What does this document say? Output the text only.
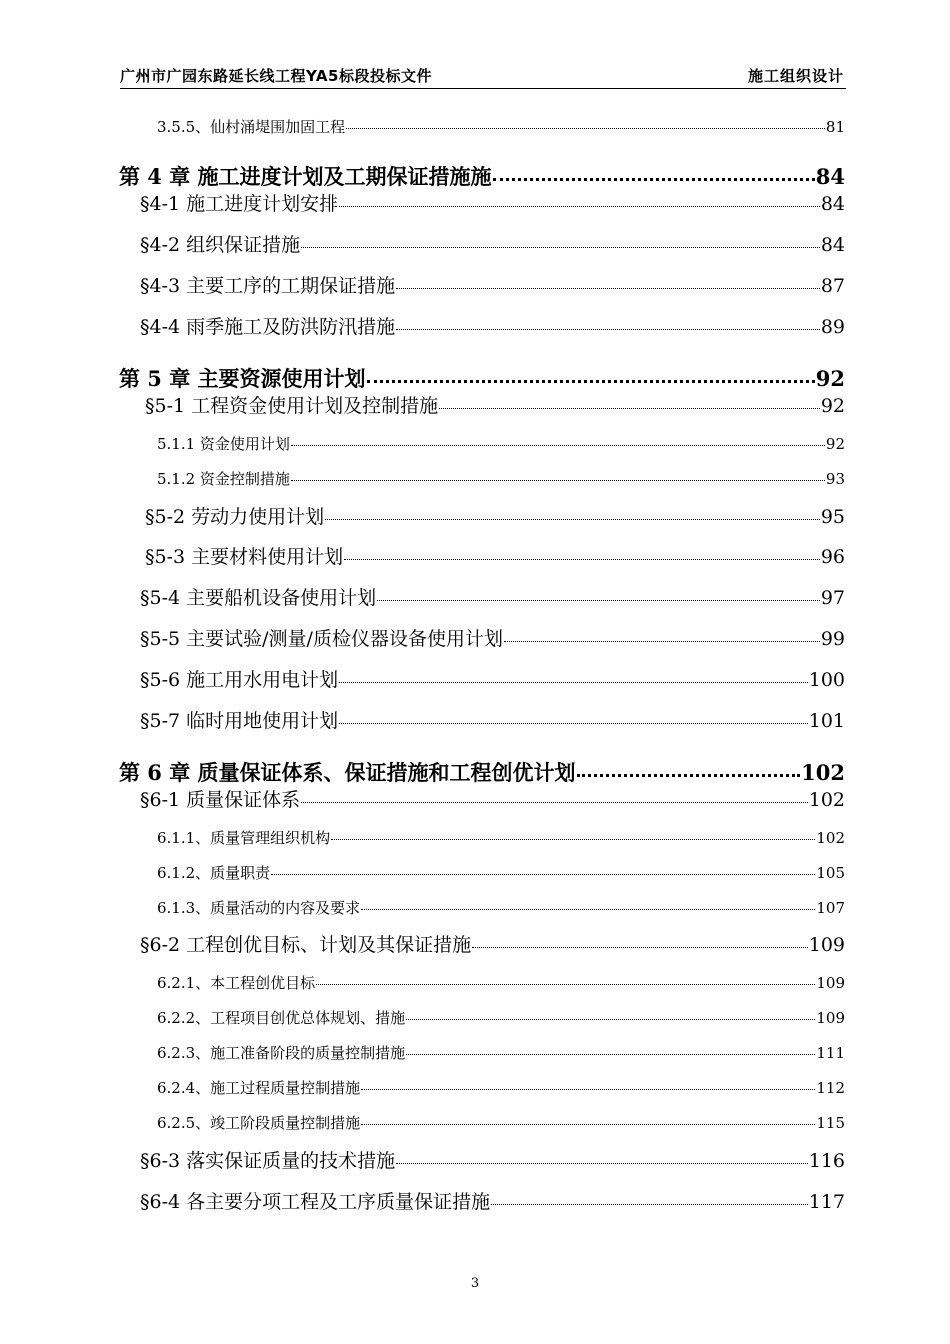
广州市广园东路延长线工程YA5标段投标文件	施工组织设计
3.5.5、仙村涌堤围加固工程	81
第 4 章 施工进度计划及工期保证措施施	84
§4-1 施工进度计划安排	84
§4-2 组织保证措施	84
§4-3 主要工序的工期保证措施	87
§4-4 雨季施工及防洪防汛措施	89
第 5 章 主要资源使用计划	92
§5-1 工程资金使用计划及控制措施	92
5.1.1 资金使用计划	92
5.1.2 资金控制措施	93
§5-2 劳动力使用计划	95
§5-3 主要材料使用计划	96
§5-4 主要船机设备使用计划	97
§5-5 主要试验/测量/质检仪器设备使用计划	99
§5-6 施工用水用电计划	100
§5-7 临时用地使用计划	101
第 6 章 质量保证体系、保证措施和工程创优计划	102
§6-1 质量保证体系	102
6.1.1、质量管理组织机构	102
6.1.2、质量职责	105
6.1.3、质量活动的内容及要求	107
§6-2 工程创优目标、计划及其保证措施	109
6.2.1、本工程创优目标	109
6.2.2、工程项目创优总体规划、措施	109
6.2.3、施工准备阶段的质量控制措施	111
6.2.4、施工过程质量控制措施	112
6.2.5、竣工阶段质量控制措施	115
§6-3 落实保证质量的技术措施	116
§6-4 各主要分项工程及工序质量保证措施	117
3
